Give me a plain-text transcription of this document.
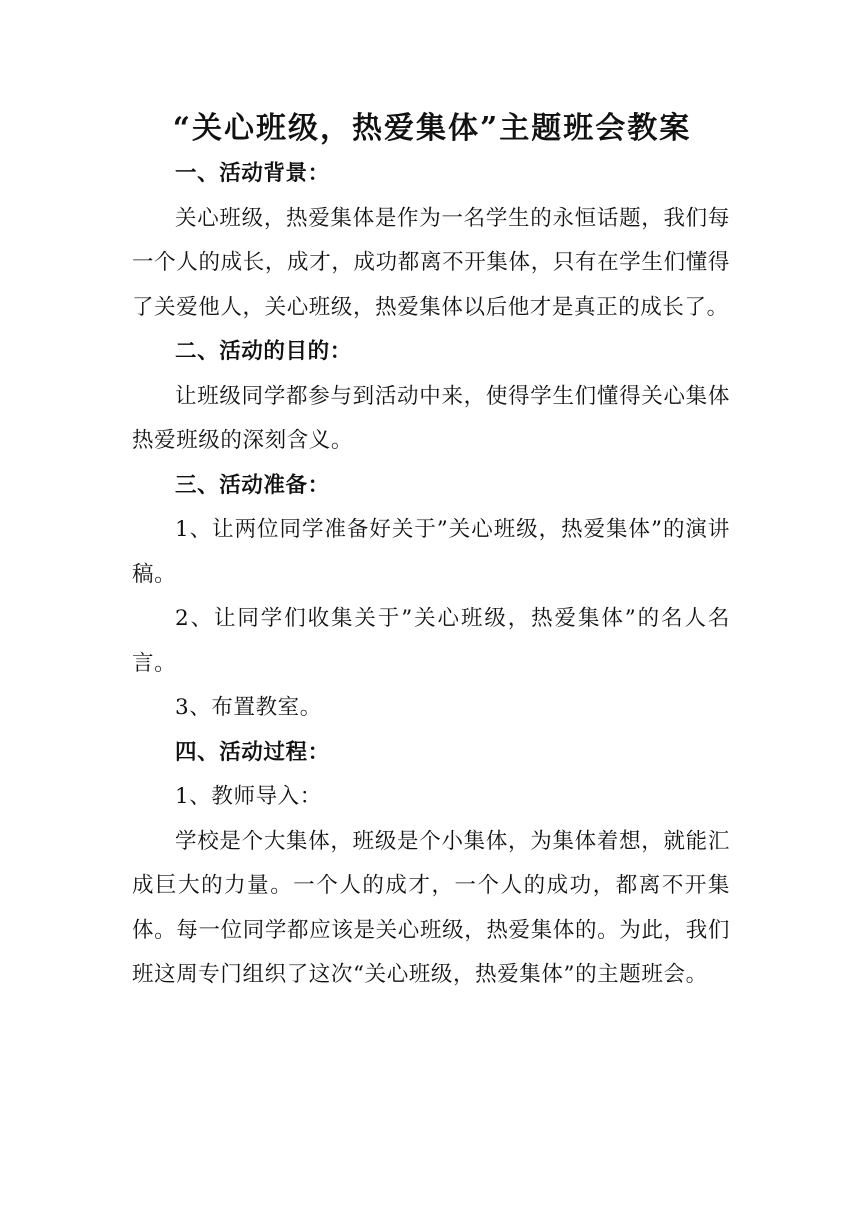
“关心班级，热爱集体”主题班会教案

一、活动背景：

关心班级，热爱集体是作为一名学生的永恒话题，我们每一个人的成长，成才，成功都离不开集体，只有在学生们懂得了关爱他人，关心班级，热爱集体以后他才是真正的成长了。

二、活动的目的：

让班级同学都参与到活动中来，使得学生们懂得关心集体热爱班级的深刻含义。

三、活动准备：

1、让两位同学准备好关于”关心班级，热爱集体”的演讲稿。

2、让同学们收集关于”关心班级，热爱集体”的名人名言。

3、布置教室。

四、活动过程：

1、教师导入：

学校是个大集体，班级是个小集体，为集体着想，就能汇成巨大的力量。一个人的成才，一个人的成功，都离不开集体。每一位同学都应该是关心班级，热爱集体的。为此，我们班这周专门组织了这次“关心班级，热爱集体”的主题班会。
